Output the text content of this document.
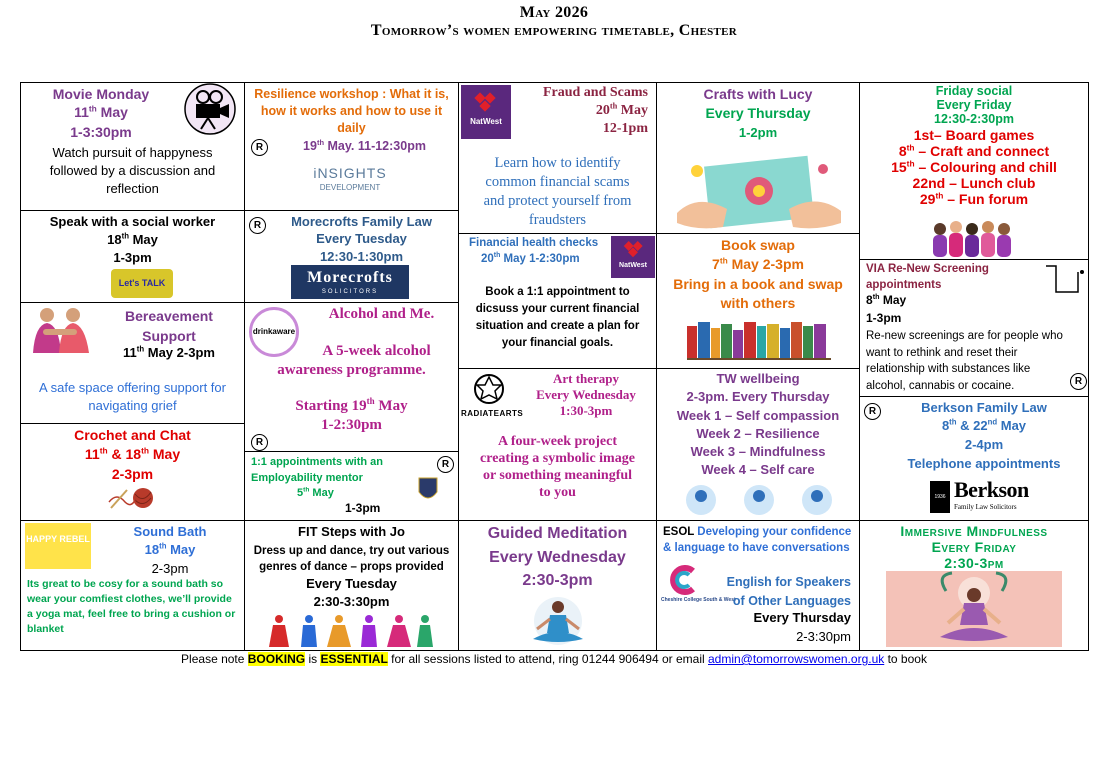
May 2026
Tomorrow’s women empowering timetable, Chester
Movie Monday
11th May
1-3:30pm
Watch pursuit of happyness
followed by a discussion and
reflection
Speak with a social worker
18th May
1-3pm
Let's TALK
Bereavement
Support
11th May 2-3pm
A safe space offering support for
navigating grief
Crochet and Chat
11th & 18th May
2-3pm
HAPPY REBEL	Sound Bath
18th May
2-3pm
Its great to be cosy for a sound bath so
wear your comfiest clothes, we’ll provide
a yoga mat, feel free to bring a cushion or
blanket
Resilience workshop : What it is,
how it works and how to use it
daily
R	19th May. 11-12:30pm
iNSIGHTS
DEVELOPMENT
R	Morecrofts Family Law
Every Tuesday
12:30-1:30pm
Morecrofts
SOLICITORS
drinkaware
Alcohol and Me.
A 5-week alcohol
awareness programme.
Starting 19th May
1-2:30pm
R
1:1 appointments with an
Employability mentor
R
5th May
1-3pm
FIT Steps with Jo
Dress up and dance, try out various
genres of dance – props provided
Every Tuesday
2:30-3:30pm
NatWest
Fraud and Scams
20th May
12-1pm
Learn how to identify
common financial scams
and protect yourself from
fraudsters
Financial health checks
20th May 1-2:30pm
NatWest
Book a 1:1 appointment to
dicsuss your current financial
situation and create a plan for
your financial goals.
RADIATEARTS
Art therapy
Every Wednesday
1:30-3pm
A four-week project
creating a symbolic image
or something meaningful
to you
Guided Meditation
Every Wednesday
2:30-3pm
Crafts with Lucy
Every Thursday
1-2pm
Book swap
7th May 2-3pm
Bring in a book and swap
with others
TW wellbeing
2-3pm. Every Thursday
Week 1 – Self compassion
Week 2 – Resilience
Week 3 – Mindfulness
Week 4 – Self care
ESOL Developing your confidence
& language to have conversations
Cheshire College South & West
English for Speakers
of Other Languages
Every Thursday
2-3:30pm
Friday social
Every Friday
12:30-2:30pm
1st– Board games
8th – Craft and connect
15th – Colouring and chill
22nd – Lunch club
29th – Fun forum
VIA Re-New Screening
appointments
8th May
1-3pm
Re-new screenings are for people who
want to rethink and reset their
relationship with substances like
alcohol, cannabis or cocaine.	R
R	Berkson Family Law
8th & 22nd May
2-4pm
Telephone appointments
1936 Berkson
Family Law Solicitors
Immersive Mindfulness
Every Friday
2:30-3pm
Please note BOOKING is ESSENTIAL for all sessions listed to attend, ring 01244 906494 or email admin@tomorrowswomen.org.uk to book
